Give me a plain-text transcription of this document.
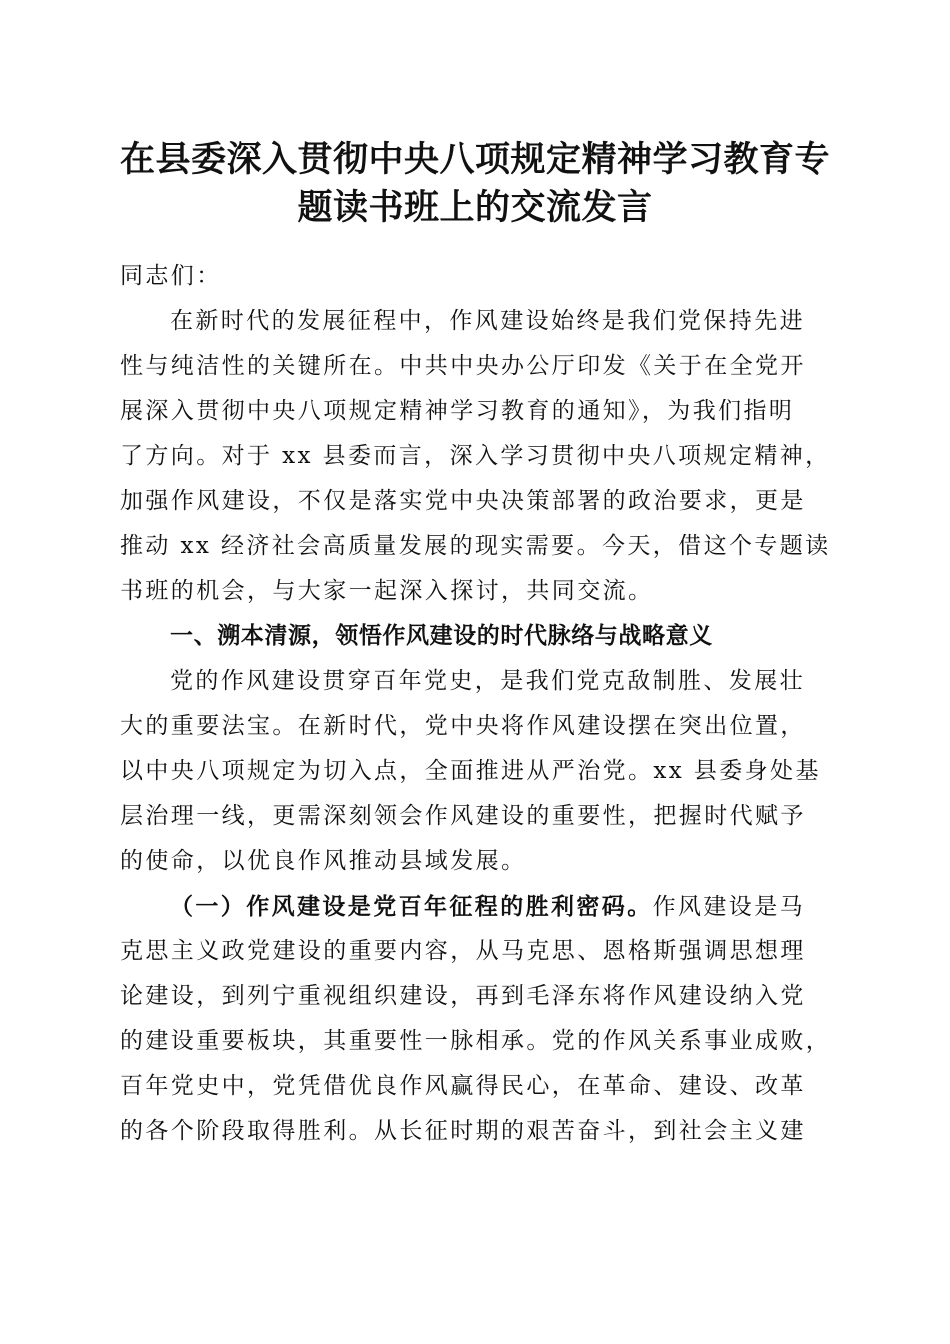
在县委深入贯彻中央八项规定精神学习教育专
题读书班上的交流发言
同志们：
在新时代的发展征程中，作风建设始终是我们党保持先进
性与纯洁性的关键所在。中共中央办公厅印发《关于在全党开
展深入贯彻中央八项规定精神学习教育的通知》，为我们指明
了方向。对于 xx 县委而言，深入学习贯彻中央八项规定精神，
加强作风建设，不仅是落实党中央决策部署的政治要求，更是
推动 xx 经济社会高质量发展的现实需要。今天，借这个专题读
书班的机会，与大家一起深入探讨，共同交流。
一、溯本清源，领悟作风建设的时代脉络与战略意义
党的作风建设贯穿百年党史，是我们党克敌制胜、发展壮
大的重要法宝。在新时代，党中央将作风建设摆在突出位置，
以中央八项规定为切入点，全面推进从严治党。xx 县委身处基
层治理一线，更需深刻领会作风建设的重要性，把握时代赋予
的使命，以优良作风推动县域发展。
（一）作风建设是党百年征程的胜利密码。作风建设是马
克思主义政党建设的重要内容，从马克思、恩格斯强调思想理
论建设，到列宁重视组织建设，再到毛泽东将作风建设纳入党
的建设重要板块，其重要性一脉相承。党的作风关系事业成败，
百年党史中，党凭借优良作风赢得民心，在革命、建设、改革
的各个阶段取得胜利。从长征时期的艰苦奋斗，到社会主义建
